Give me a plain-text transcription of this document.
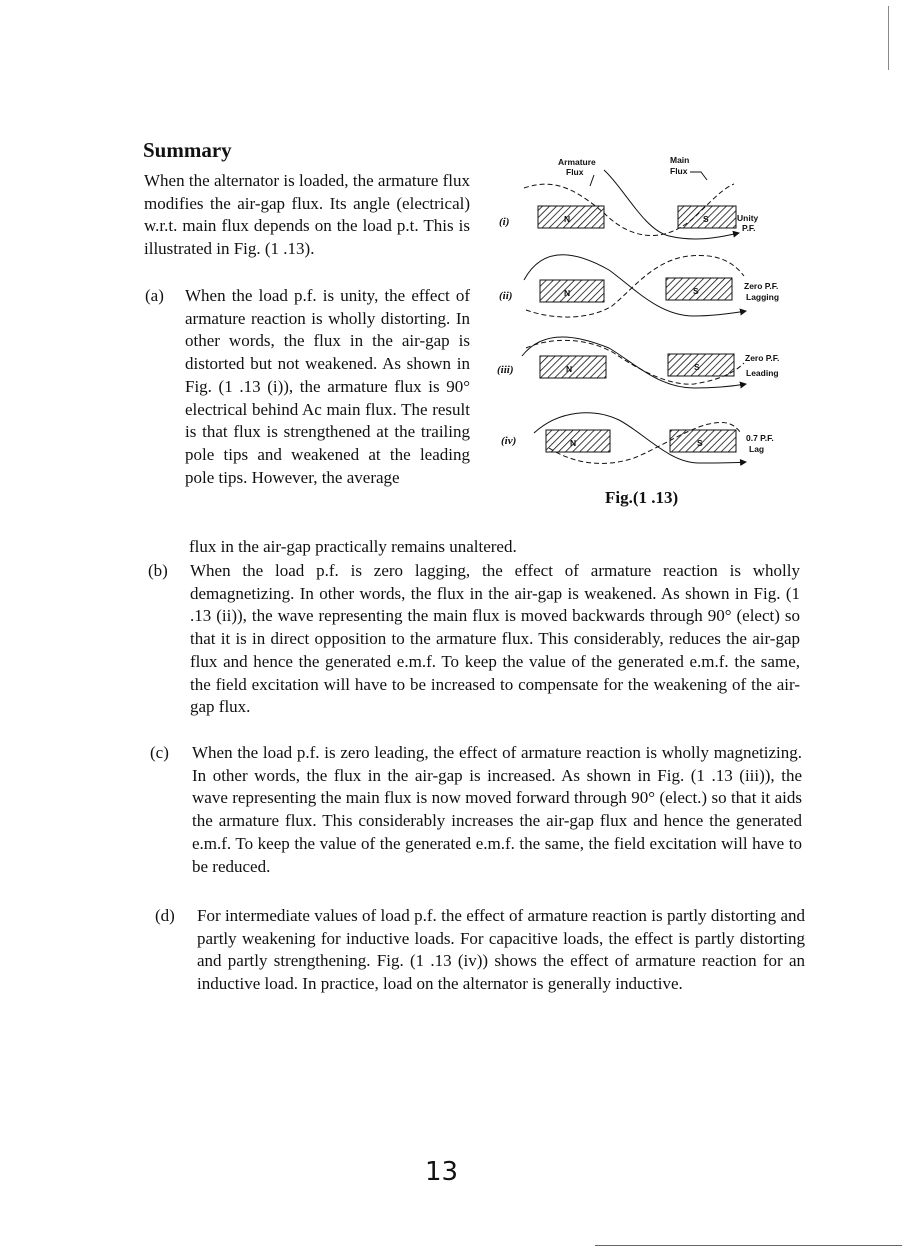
Summary
When the alternator is loaded, the armature flux modifies the air-gap flux. Its angle (electrical) w.r.t. main flux depends on the load p.t. This is illustrated in Fig. (1 .13).
(a) When the load p.f. is unity, the effect of armature reaction is wholly distorting. In other words, the flux in the air-gap is distorted but not weakened. As shown in Fig. (1 .13 (i)), the armature flux is 90° electrical behind Ac main flux. The result is that flux is strengthened at the trailing pole tips and weakened at the leading pole tips. However, the average
flux in the air-gap practically remains unaltered.
(b) When the load p.f. is zero lagging, the effect of armature reaction is wholly demagnetizing. In other words, the flux in the air-gap is weakened. As shown in Fig. (1 .13 (ii)), the wave representing the main flux is moved backwards through 90° (elect) so that it is in direct opposition to the armature flux. This considerably, reduces the air-gap flux and hence the generated e.m.f. To keep the value of the generated e.m.f. the same, the field excitation will have to be increased to compensate for the weakening of the air-gap flux.
(c) When the load p.f. is zero leading, the effect of armature reaction is wholly magnetizing. In other words, the flux in the air-gap is increased. As shown in Fig. (1 .13 (iii)), the wave representing the main flux is now moved forward through 90° (elect.) so that it aids the armature flux. This considerably increases the air-gap flux and hence the generated e.m.f. To keep the value of the generated e.m.f. the same, the field excitation will have to be reduced.
(d) For intermediate values of load p.f. the effect of armature reaction is partly distorting and partly weakening for inductive loads. For capacitive loads, the effect is partly distorting and partly strengthening. Fig. (1 .13 (iv)) shows the effect of armature reaction for an inductive load. In practice, load on the alternator is generally inductive.
Armature
Flux
Main
Flux
(i)	N	S	Unity
P.F.
(ii)	N	S	Zero P.F.
Lagging
(iii)	N	S
Zero P.F.
Leading
(iv)	N	S	0.7 P.F.
Lag
Fig.(1 .13)
13
